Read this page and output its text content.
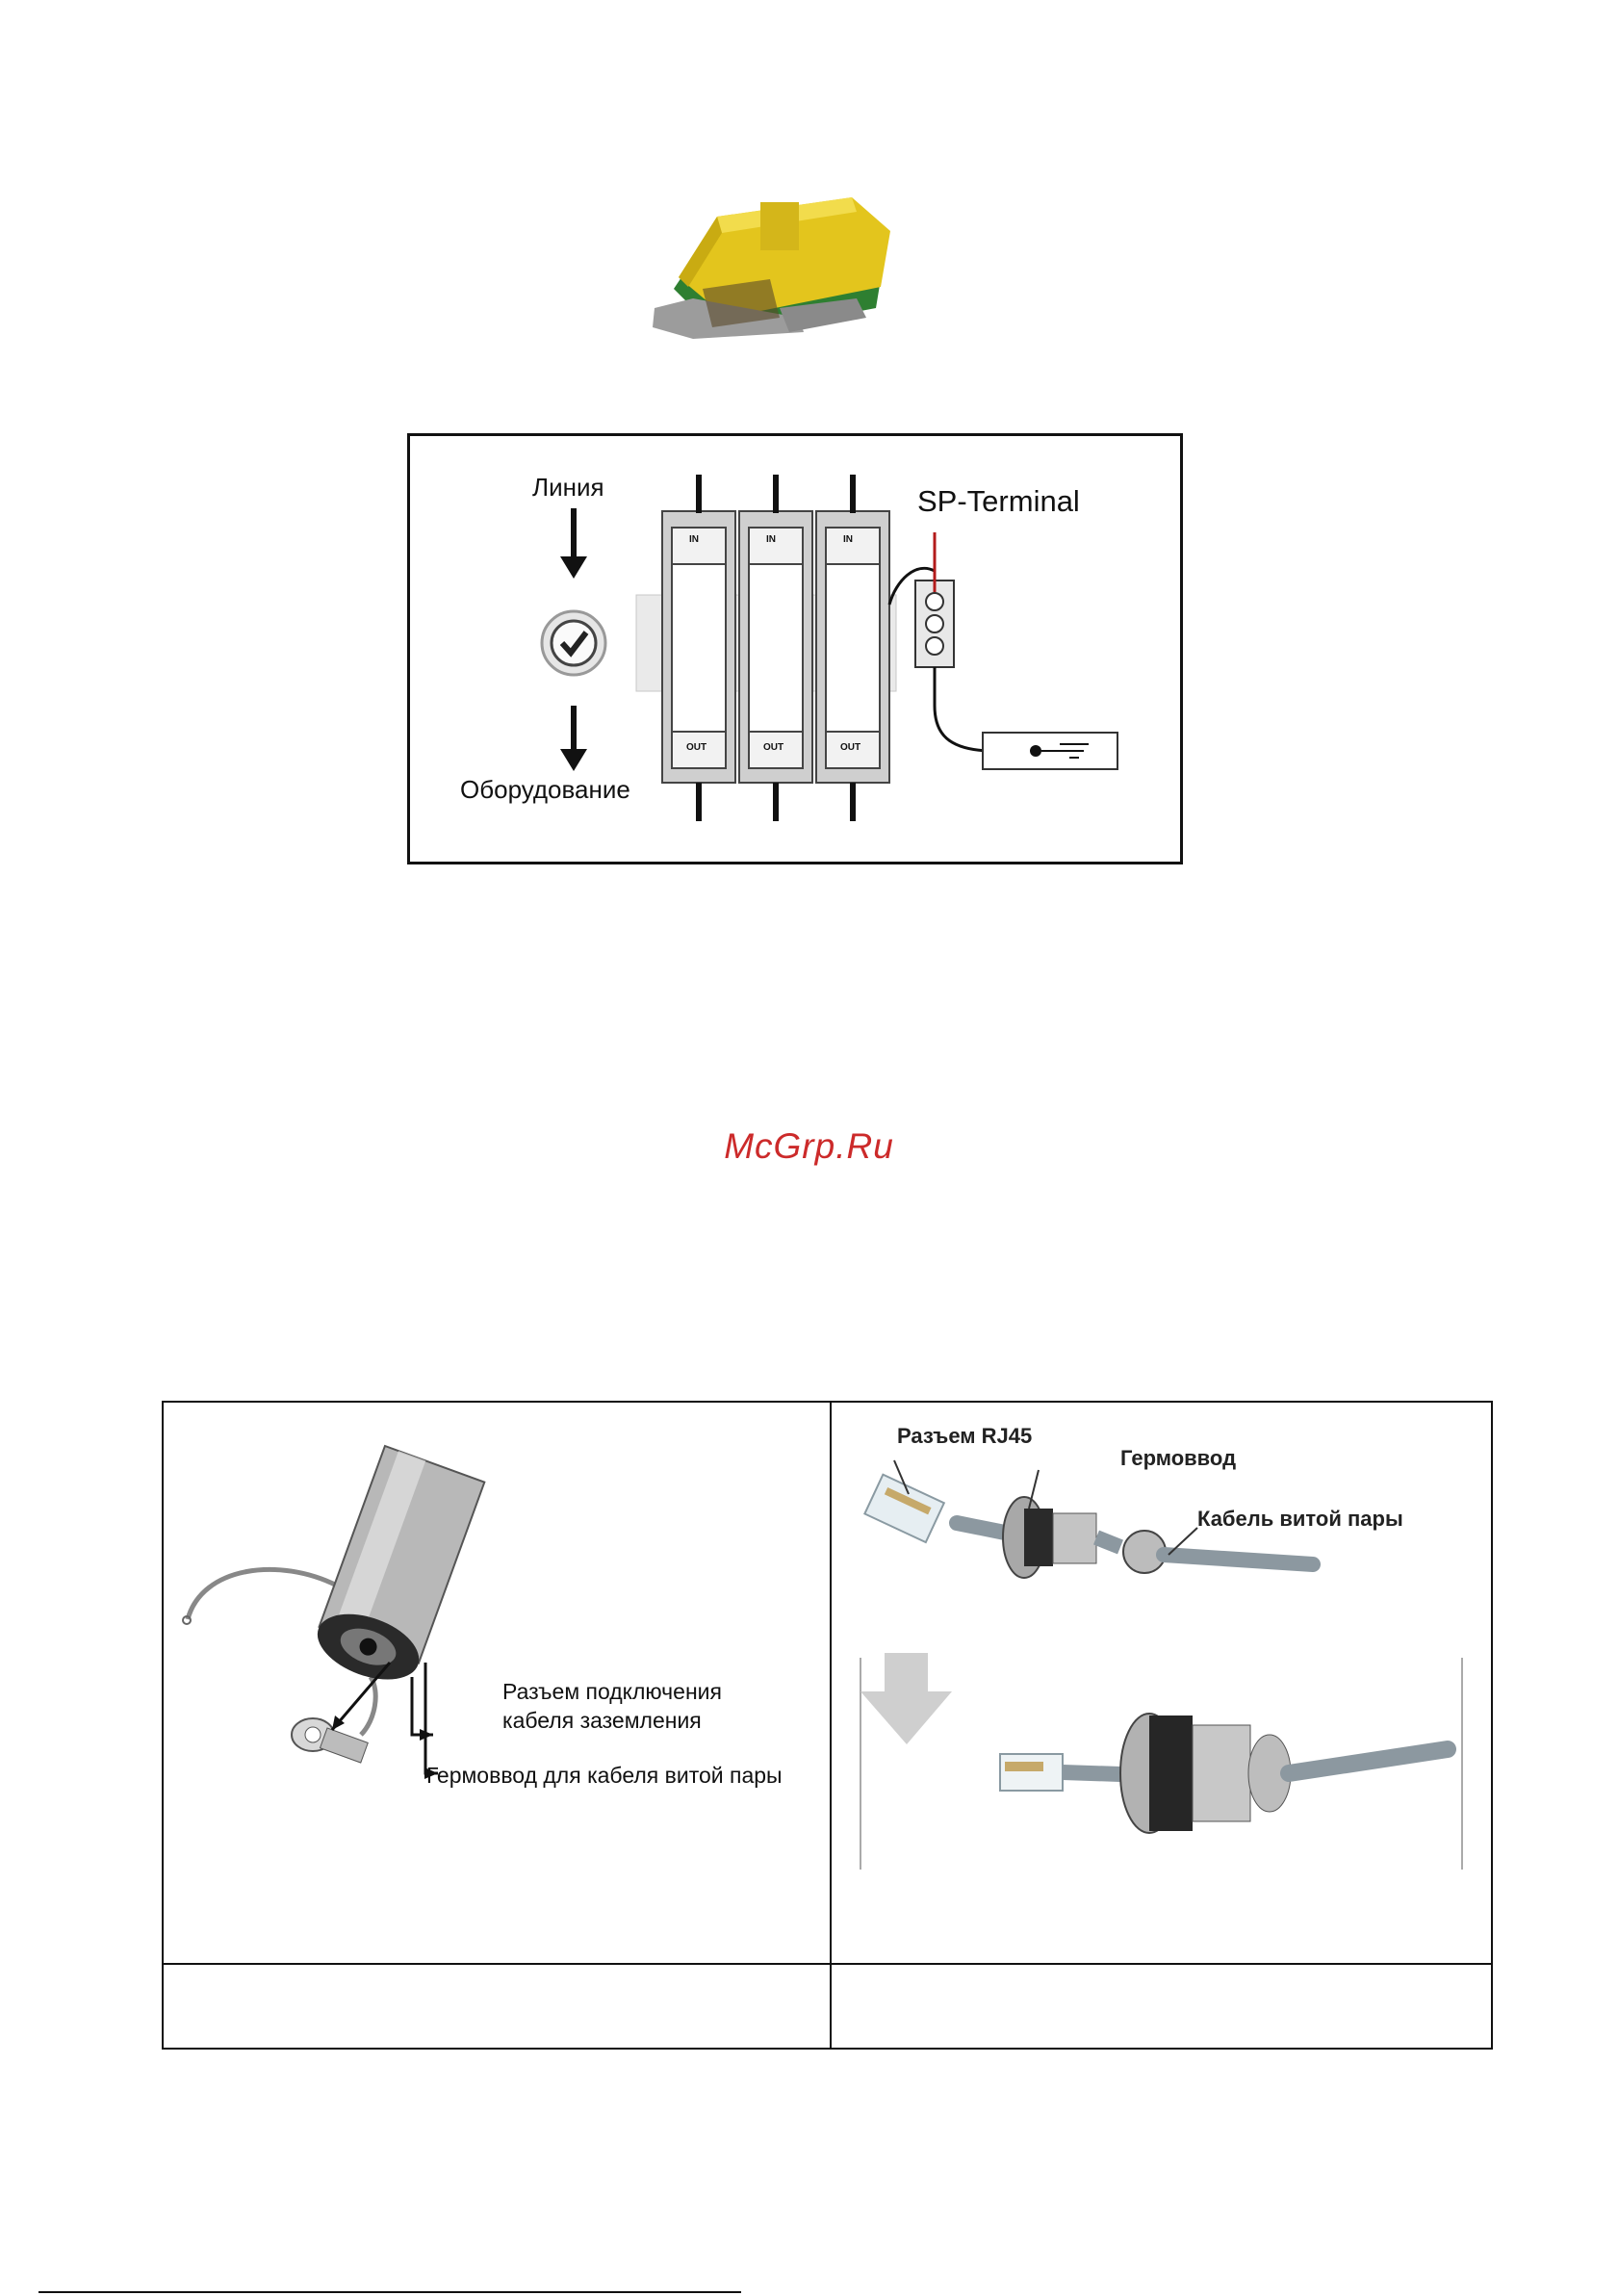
Линия
Оборудование
SP-Terminal
IN	IN	IN
OUT	OUT	OUT
McGrp.Ru
Разъем подключения
кабеля заземления
Гермоввод для кабеля витой пары
Разъем RJ45
Гермоввод
Кабель витой пары
